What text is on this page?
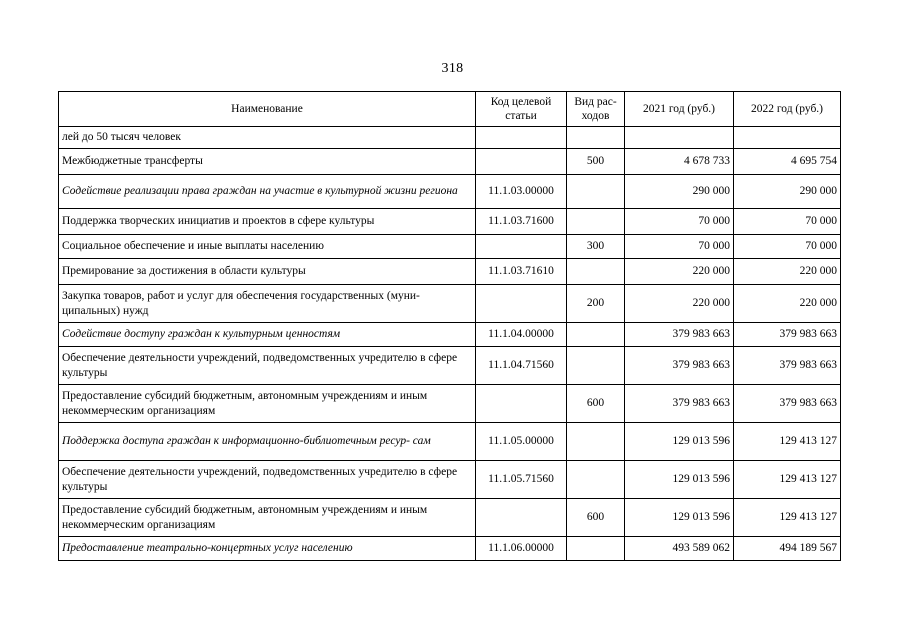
318
Наименование	Код целевой статьи	Вид рас- ходов	2021 год (руб.)	2022 год (руб.)
лей до 50 тысяч человек				
Межбюджетные трансферты		500	4 678 733	4 695 754
Содействие реализации права граждан на участие в культурной жизни региона	11.1.03.00000		290 000	290 000
Поддержка творческих инициатив и проектов в сфере культуры	11.1.03.71600		70 000	70 000
Социальное обеспечение и иные выплаты населению		300	70 000	70 000
Премирование за достижения в области культуры	11.1.03.71610		220 000	220 000
Закупка товаров, работ и услуг для обеспечения государственных (муни- ципальных) нужд		200	220 000	220 000
Содействие доступу граждан к культурным ценностям	11.1.04.00000		379 983 663	379 983 663
Обеспечение деятельности учреждений, подведомственных учредителю в сфере культуры	11.1.04.71560		379 983 663	379 983 663
Предоставление субсидий бюджетным, автономным учреждениям и иным некоммерческим организациям		600	379 983 663	379 983 663
Поддержка доступа граждан к информационно-библиотечным ресур- сам	11.1.05.00000		129 013 596	129 413 127
Обеспечение деятельности учреждений, подведомственных учредителю в сфере культуры	11.1.05.71560		129 013 596	129 413 127
Предоставление субсидий бюджетным, автономным учреждениям и иным некоммерческим организациям		600	129 013 596	129 413 127
Предоставление театрально-концертных услуг населению	11.1.06.00000		493 589 062	494 189 567
